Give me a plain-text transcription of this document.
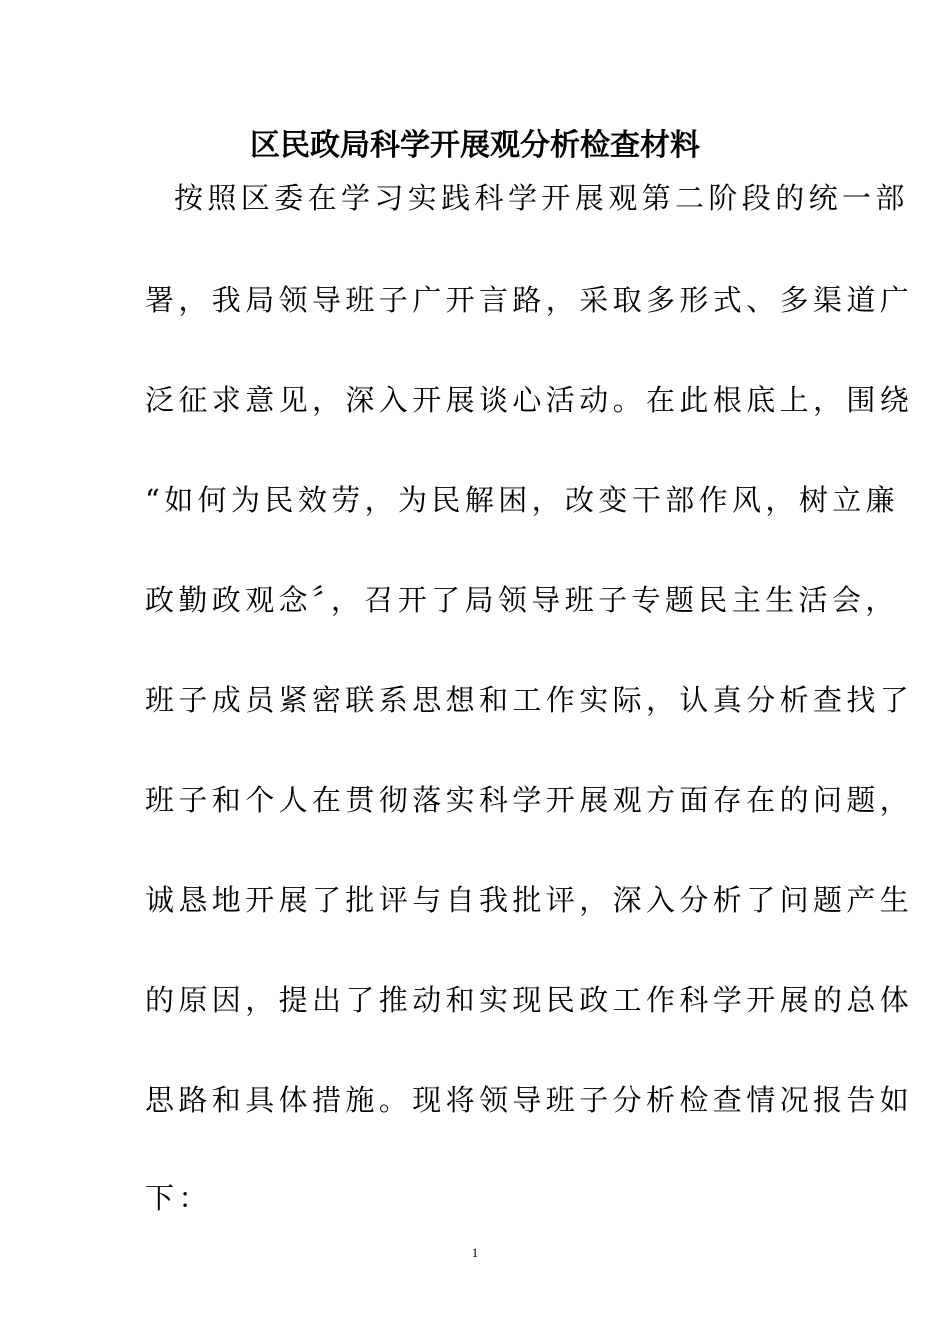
区民政局科学开展观分析检查材料
按照区委在学习实践科学开展观第二阶段的统一部
署，我局领导班子广开言路，采取多形式、多渠道广
泛征求意见，深入开展谈心活动。在此根底上，围绕
“如何为民效劳，为民解困，改变干部作风，树立廉
政勤政观念〞，召开了局领导班子专题民主生活会，
班子成员紧密联系思想和工作实际，认真分析查找了
班子和个人在贯彻落实科学开展观方面存在的问题，
诚恳地开展了批评与自我批评，深入分析了问题产生
的原因，提出了推动和实现民政工作科学开展的总体
思路和具体措施。现将领导班子分析检查情况报告如
下：
1
